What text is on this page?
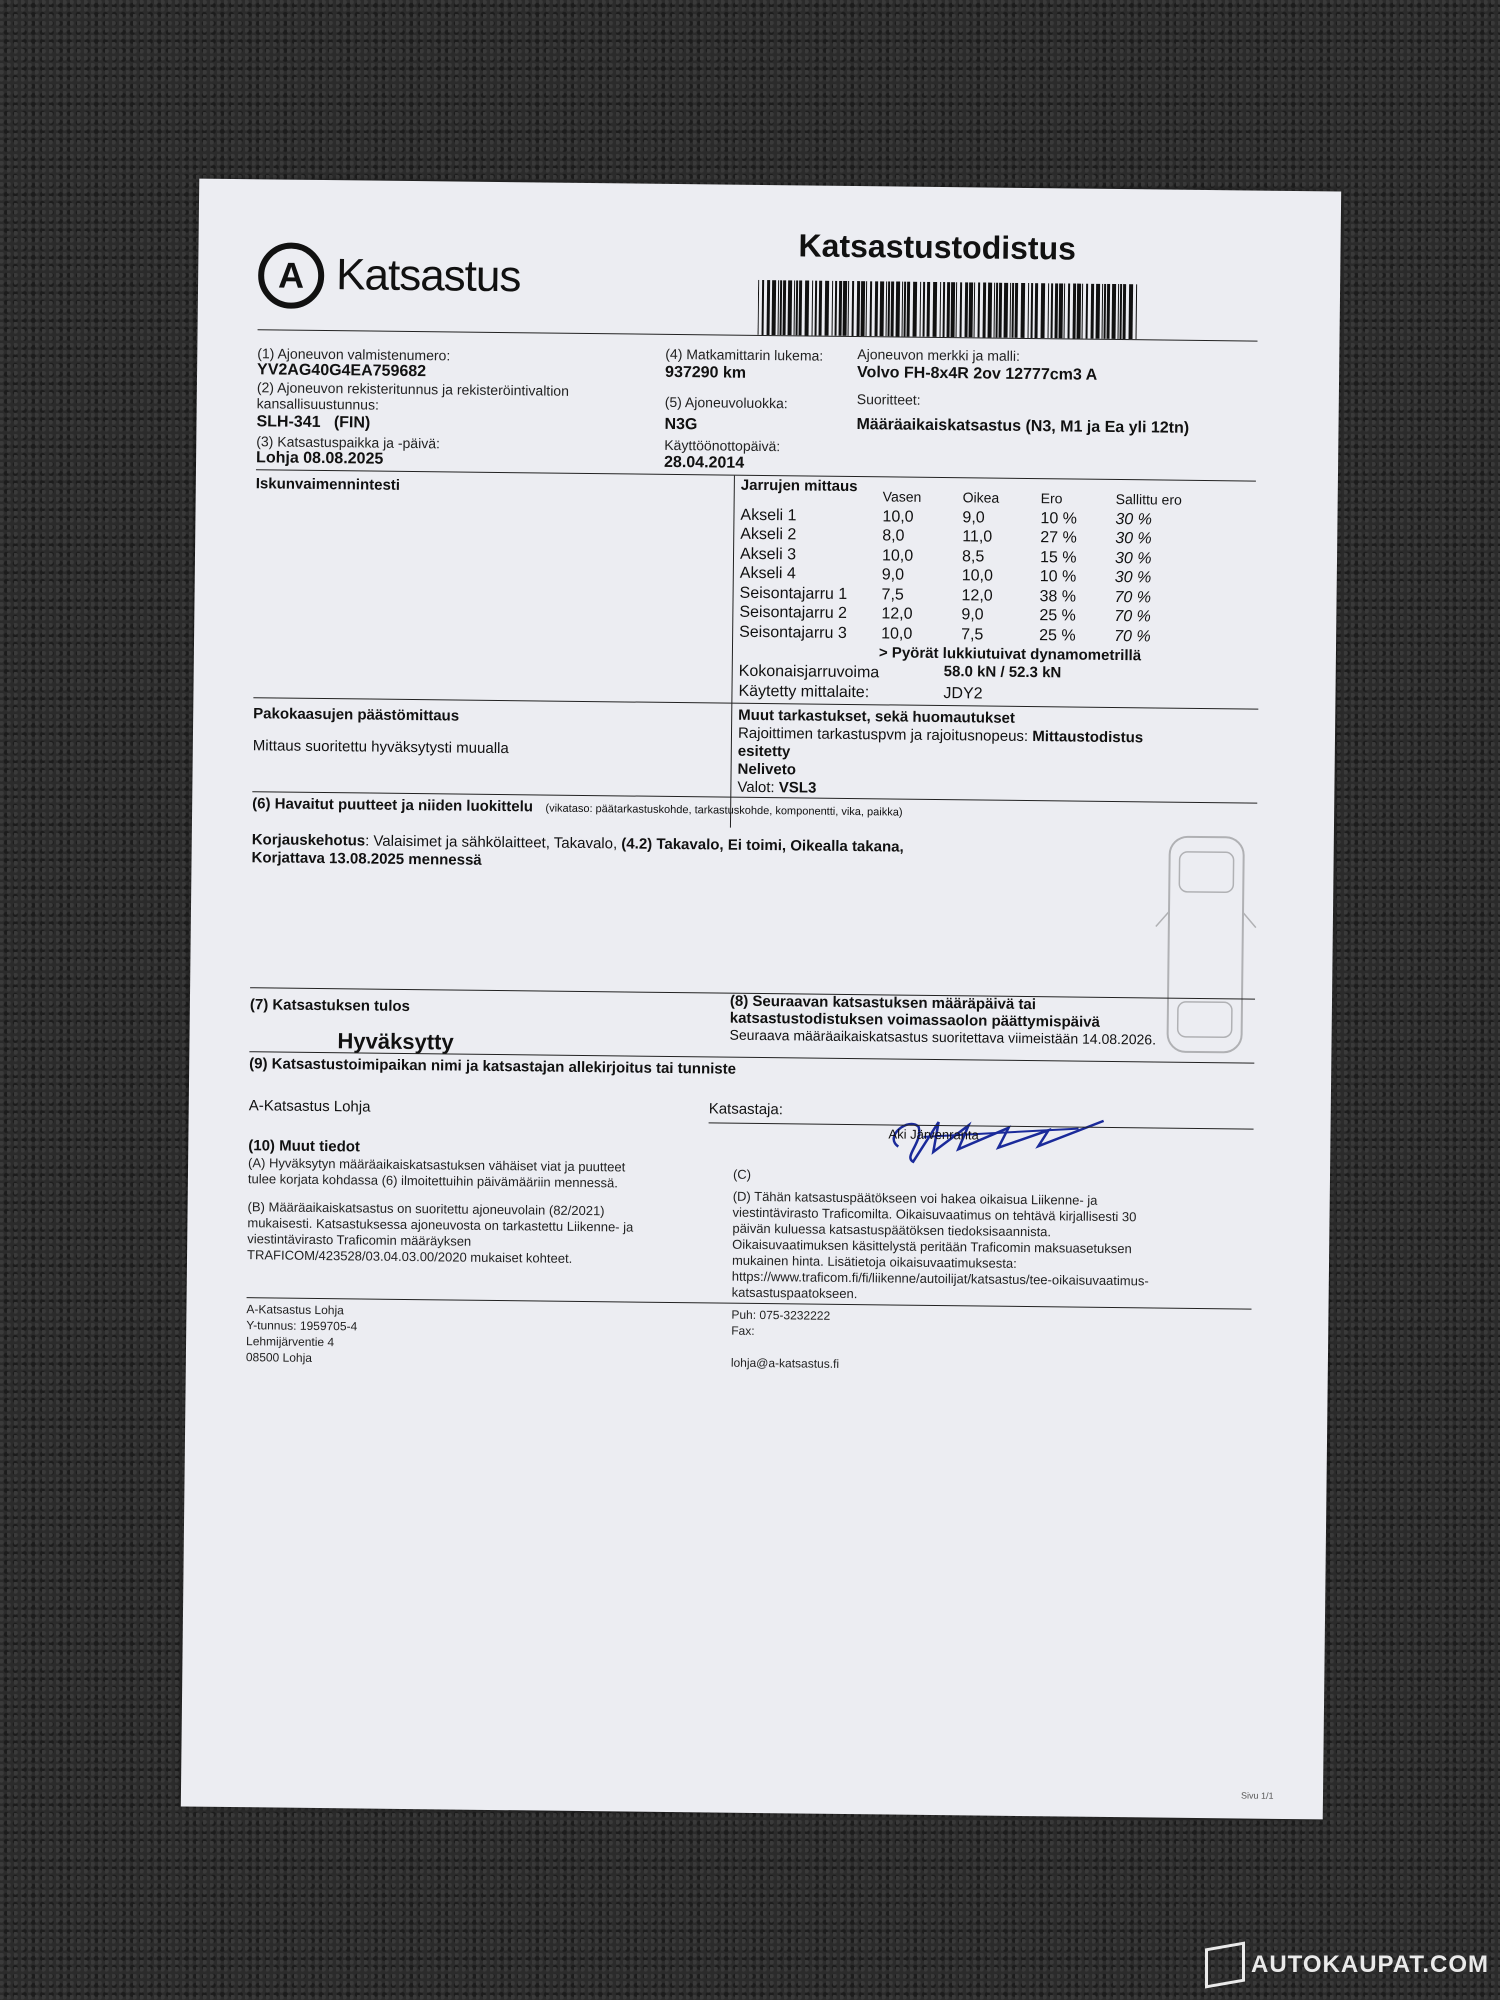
A Katsastus
Katsastustodistus
(1) Ajoneuvon valmistenumero:
YV2AG40G4EA759682
(2) Ajoneuvon rekisteritunnus ja rekisteröintivaltion kansallisuustunnus:
SLH-341   (FIN)
(3) Katsastuspaikka ja -päivä:
Lohja 08.08.2025
(4) Matkamittarin lukema:
937290 km
(5) Ajoneuvoluokka:
N3G
Käyttöönottopäivä:
28.04.2014
Ajoneuvon merkki ja malli:
Volvo FH-8x4R 2ov 12777cm3 A
Suoritteet:
Määräaikaiskatsastus (N3, M1 ja Ea yli 12tn)
Iskunvaimennintesti	Jarrujen mittaus
	Vasen	Oikea	Ero	Sallittu ero
Akseli 1	10,0	9,0	10 %	30 %
Akseli 2	8,0	11,0	27 %	30 %
Akseli 3	10,0	8,5	15 %	30 %
Akseli 4	9,0	10,0	10 %	30 %
Seisontajarru 1	7,5	12,0	38 %	70 %
Seisontajarru 2	12,0	9,0	25 %	70 %
Seisontajarru 3	10,0	7,5	25 %	70 %
> Pyörät lukkiutuivat dynamometrillä
Kokonaisjarruvoima	58.0 kN / 52.3 kN
Käytetty mittalaite:	JDY2
Pakokaasujen päästömittaus
Mittaus suoritettu hyväksytysti muualla
Muut tarkastukset, sekä huomautukset
Rajoittimen tarkastuspvm ja rajoitusnopeus: Mittaustodistus
esitetty
Neliveto
Valot: VSL3
(6) Havaitut puutteet ja niiden luokittelu (vikataso: päätarkastuskohde, tarkastuskohde, komponentti, vika, paikka)
Korjauskehotus: Valaisimet ja sähkölaitteet, Takavalo, (4.2) Takavalo, Ei toimi, Oikealla takana,
Korjattava 13.08.2025 mennessä
(7) Katsastuksen tulos
Hyväksytty
(8) Seuraavan katsastuksen määräpäivä tai
katsastustodistuksen voimassaolon päättymispäivä
Seuraava määräaikaiskatsastus suoritettava viimeistään 14.08.2026.
(9) Katsastustoimipaikan nimi ja katsastajan allekirjoitus tai tunniste
A-Katsastus Lohja	Katsastaja:
Aki Järvenranta
(10) Muut tiedot
(A) Hyväksytyn määräaikaiskatsastuksen vähäiset viat ja puutteet
tulee korjata kohdassa (6) ilmoitettuihin päivämääriin mennessä.
(B) Määräaikaiskatsastus on suoritettu ajoneuvolain (82/2021)
mukaisesti. Katsastuksessa ajoneuvosta on tarkastettu Liikenne- ja
viestintävirasto Traficomin määräyksen
TRAFICOM/423528/03.04.03.00/2020 mukaiset kohteet.
(C)
(D) Tähän katsastuspäätökseen voi hakea oikaisua Liikenne- ja
viestintävirasto Traficomilta. Oikaisuvaatimus on tehtävä kirjallisesti 30
päivän kuluessa katsastuspäätöksen tiedoksisaannista.
Oikaisuvaatimuksen käsittelystä peritään Traficomin maksuasetuksen
mukainen hinta. Lisätietoja oikaisuvaatimuksesta:
https://www.traficom.fi/fi/liikenne/autoilijat/katsastus/tee-oikaisuvaatimus-
katsastuspaatokseen.
A-Katsastus Lohja
Y-tunnus: 1959705-4
Lehmijärventie 4
08500 Lohja
Puh: 075-3232222
Fax:
lohja@a-katsastus.fi
Sivu 1/1
AUTOKAUPAT.COM
